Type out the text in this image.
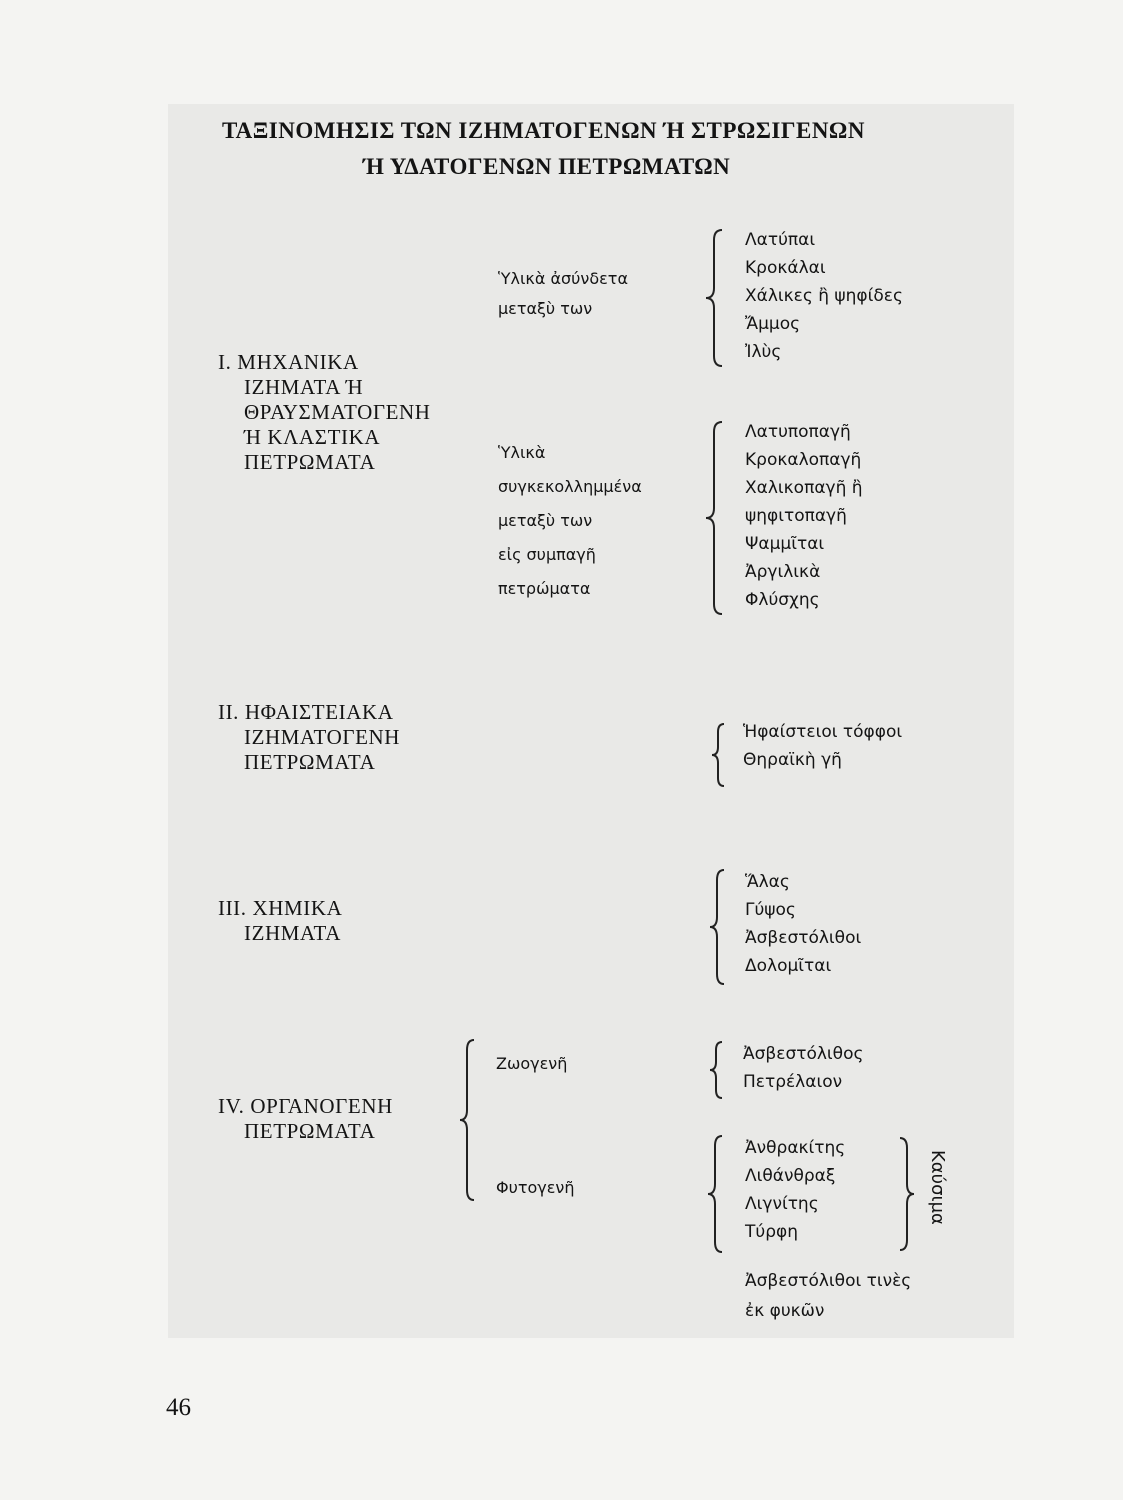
ΤΑΞΙΝΟΜΗΣΙΣ ΤΩΝ ΙΖΗΜΑΤΟΓΕΝΩΝ Ή ΣΤΡΩΣΙΓΕΝΩΝ
Ή ΥΔΑΤΟΓΕΝΩΝ ΠΕΤΡΩΜΑΤΩΝ
I. ΜΗΧΑΝΙΚΑ
ΙΖΗΜΑΤΑ Ή
ΘΡΑΥΣΜΑΤΟΓΕΝΗ
Ή ΚΛΑΣΤΙΚΑ
ΠΕΤΡΩΜΑΤΑ
Ὑλικὰ ἀσύνδετα
μεταξὺ των
Λατύπαι
Κροκάλαι
Χάλικες ἢ ψηφίδες
Ἄμμος
Ἰλὺς
Ὑλικὰ
συγκεκολλημμένα
μεταξὺ των
εἰς συμπαγῆ
πετρώματα
Λατυποπαγῆ
Κροκαλοπαγῆ
Χαλικοπαγῆ ἢ
ψηφιτοπαγῆ
Ψαμμῖται
Ἀργιλικὰ
Φλύσχης
II. ΗΦΑΙΣΤΕΙΑΚΑ
ΙΖΗΜΑΤΟΓΕΝΗ
ΠΕΤΡΩΜΑΤΑ
Ἡφαίστειοι τόφφοι
Θηραϊκὴ γῆ
III. ΧΗΜΙΚΑ
ΙΖΗΜΑΤΑ
Ἅλας
Γύψος
Ἀσβεστόλιθοι
Δολομῖται
IV. ΟΡΓΑΝΟΓΕΝΗ
ΠΕΤΡΩΜΑΤΑ
Ζωογενῆ	Ἀσβεστόλιθος
Πετρέλαιον
Φυτογενῆ
Ἀνθρακίτης
Λιθάνθραξ
Λιγνίτης
Τύρφη
Καύσιμα
Ἀσβεστόλιθοι τινὲς
ἐκ φυκῶν
46
